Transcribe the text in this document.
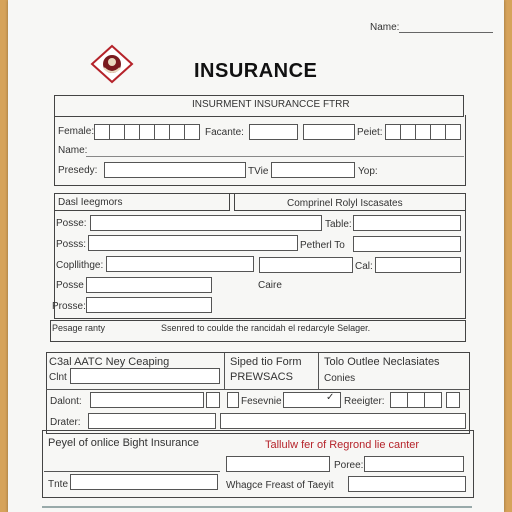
Name:
INSURANCE
INSURMENT INSURANCCE FTRR
Female:	Facante:	Peiet:
Name:
Presedy:	TVie	Yop:
Dasl Ieegmors	Comprinel Rolyl Iscasates
Posse:	Table:
Posss:	Petherl To
Copllithge:	Cal:
Posse	Caire
Prosse:
Pesage ranty	Ssenred to coulde the rancidah el redarcyle Selager.
C3al AATC Ney Ceaping
Clnt
Siped tio Form
PREWSACS
Tolo Outlee Neclasiates
Conies
Dalont:	Fesevnie	✓ Reeigter:
Drater:
Peyel of onlice Bight Insurance	Tallulw fer of Regrond lie canter
Poree:
Tnte	Whagce Freast of Taeyit
